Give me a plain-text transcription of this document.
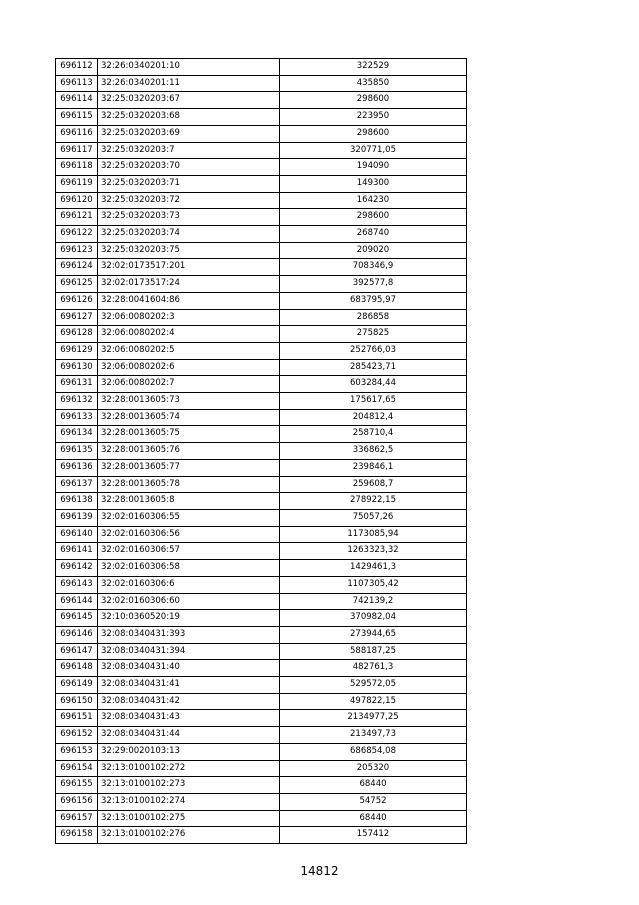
696112	32:26:0340201:10	322529
696113	32:26:0340201:11	435850
696114	32:25:0320203:67	298600
696115	32:25:0320203:68	223950
696116	32:25:0320203:69	298600
696117	32:25:0320203:7	320771,05
696118	32:25:0320203:70	194090
696119	32:25:0320203:71	149300
696120	32:25:0320203:72	164230
696121	32:25:0320203:73	298600
696122	32:25:0320203:74	268740
696123	32:25:0320203:75	209020
696124	32:02:0173517:201	708346,9
696125	32:02:0173517:24	392577,8
696126	32:28:0041604:86	683795,97
696127	32:06:0080202:3	286858
696128	32:06:0080202:4	275825
696129	32:06:0080202:5	252766,03
696130	32:06:0080202:6	285423,71
696131	32:06:0080202:7	603284,44
696132	32:28:0013605:73	175617,65
696133	32:28:0013605:74	204812,4
696134	32:28:0013605:75	258710,4
696135	32:28:0013605:76	336862,5
696136	32:28:0013605:77	239846,1
696137	32:28:0013605:78	259608,7
696138	32:28:0013605:8	278922,15
696139	32:02:0160306:55	75057,26
696140	32:02:0160306:56	1173085,94
696141	32:02:0160306:57	1263323,32
696142	32:02:0160306:58	1429461,3
696143	32:02:0160306:6	1107305,42
696144	32:02:0160306:60	742139,2
696145	32:10:0360520:19	370982,04
696146	32:08:0340431:393	273944,65
696147	32:08:0340431:394	588187,25
696148	32:08:0340431:40	482761,3
696149	32:08:0340431:41	529572,05
696150	32:08:0340431:42	497822,15
696151	32:08:0340431:43	2134977,25
696152	32:08:0340431:44	213497,73
696153	32:29:0020103:13	686854,08
696154	32:13:0100102:272	205320
696155	32:13:0100102:273	68440
696156	32:13:0100102:274	54752
696157	32:13:0100102:275	68440
696158	32:13:0100102:276	157412
14812
